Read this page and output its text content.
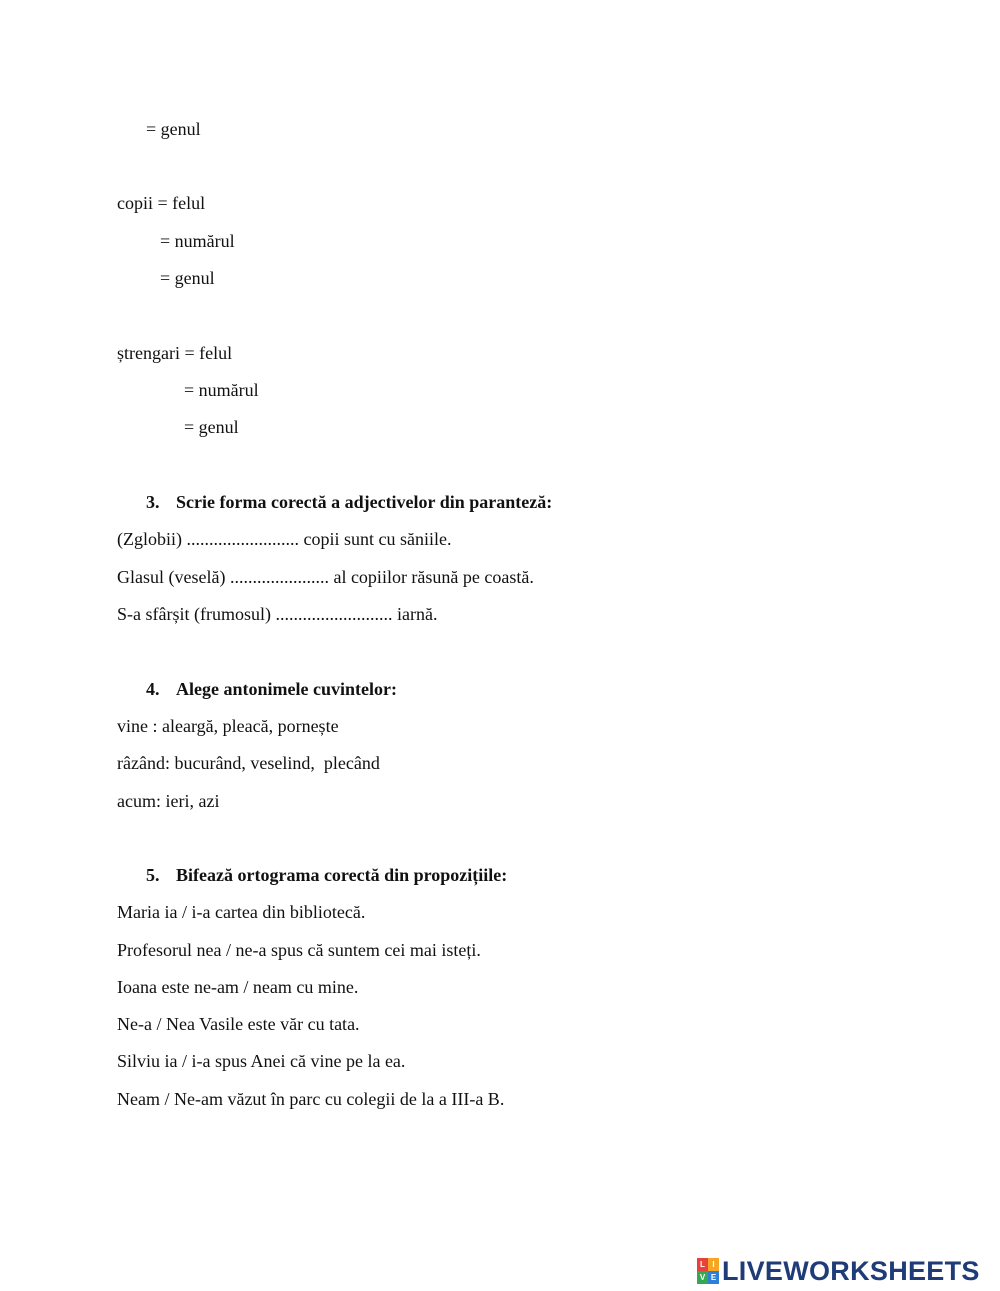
= genul
copii = felul
= numărul
= genul
ștrengari = felul
= numărul
= genul
3. Scrie forma corectă a adjectivelor din paranteză:
(Zglobii) ......................... copii sunt cu săniile.
Glasul (veselă) ...................... al copiilor răsună pe coastă.
S-a sfârșit (frumosul) .......................... iarnă.
4. Alege antonimele cuvintelor:
vine : aleargă, pleacă, pornește
râzând: bucurând, veselind,  plecând
acum: ieri, azi
5. Bifează ortograma corectă din propozițiile:
Maria ia / i-a cartea din bibliotecă.
Profesorul nea / ne-a spus că suntem cei mai isteți.
Ioana este ne-am / neam cu mine.
Ne-a / Nea Vasile este văr cu tata.
Silviu ia / i-a spus Anei că vine pe la ea.
Neam / Ne-am văzut în parc cu colegii de la a III-a B.
L I
V E LIVEWORKSHEETS
